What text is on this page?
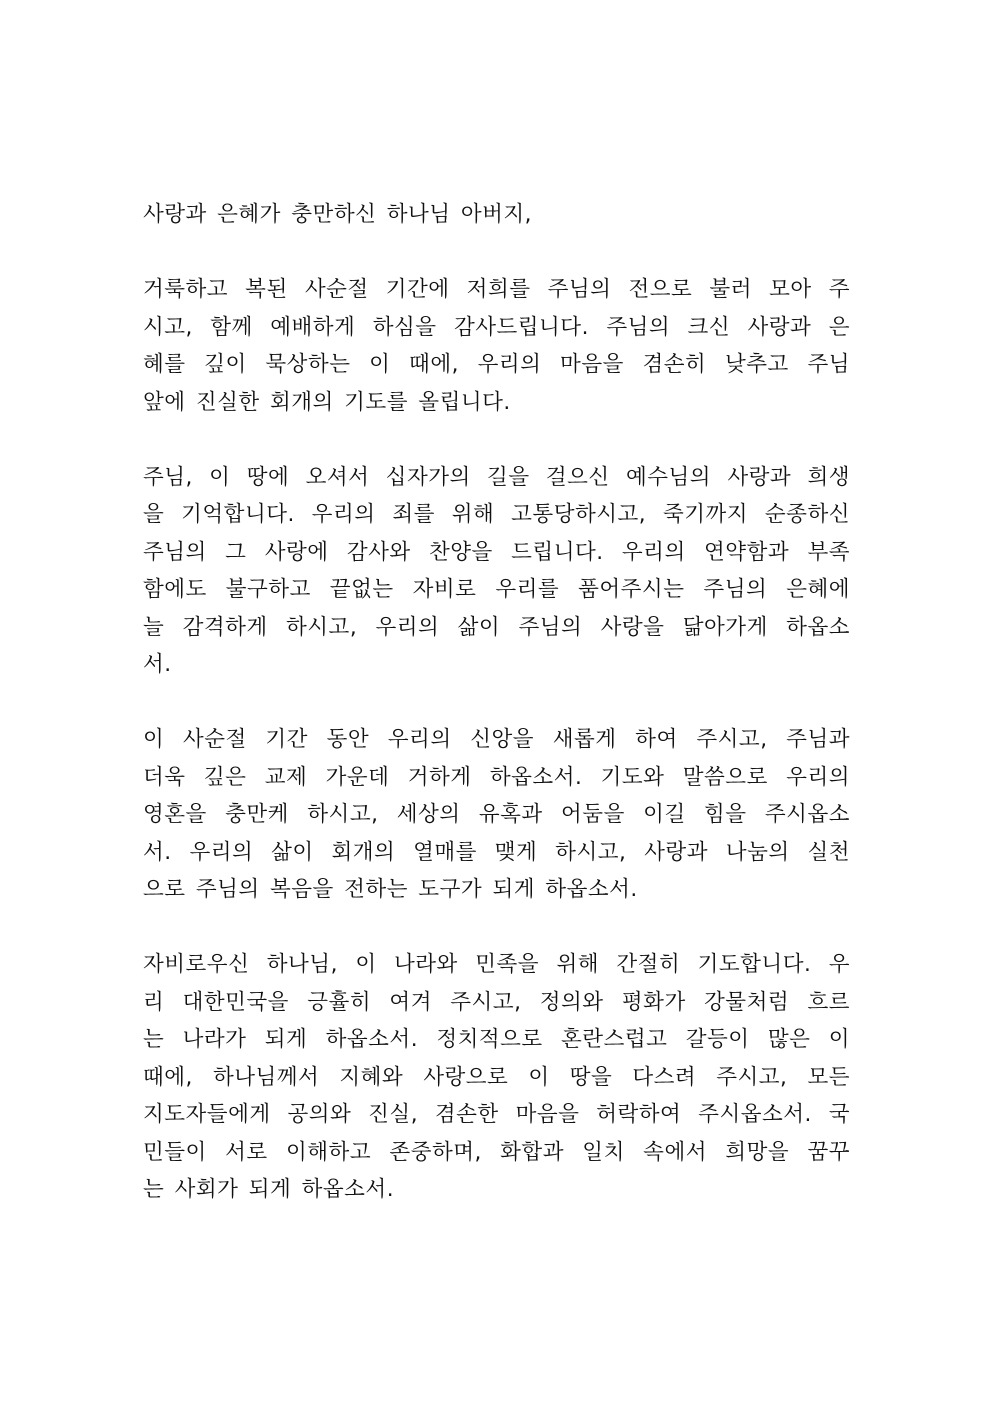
사랑과 은혜가 충만하신 하나님 아버지,
거룩하고 복된 사순절 기간에 저희를 주님의 전으로 불러 모아 주
시고, 함께 예배하게 하심을 감사드립니다. 주님의 크신 사랑과 은
혜를 깊이 묵상하는 이 때에, 우리의 마음을 겸손히 낮추고 주님
앞에 진실한 회개의 기도를 올립니다.
주님, 이 땅에 오셔서 십자가의 길을 걸으신 예수님의 사랑과 희생
을 기억합니다. 우리의 죄를 위해 고통당하시고, 죽기까지 순종하신
주님의 그 사랑에 감사와 찬양을 드립니다. 우리의 연약함과 부족
함에도 불구하고 끝없는 자비로 우리를 품어주시는 주님의 은혜에
늘 감격하게 하시고, 우리의 삶이 주님의 사랑을 닮아가게 하옵소
서.
이 사순절 기간 동안 우리의 신앙을 새롭게 하여 주시고, 주님과
더욱 깊은 교제 가운데 거하게 하옵소서. 기도와 말씀으로 우리의
영혼을 충만케 하시고, 세상의 유혹과 어둠을 이길 힘을 주시옵소
서. 우리의 삶이 회개의 열매를 맺게 하시고, 사랑과 나눔의 실천
으로 주님의 복음을 전하는 도구가 되게 하옵소서.
자비로우신 하나님, 이 나라와 민족을 위해 간절히 기도합니다. 우
리 대한민국을 긍휼히 여겨 주시고, 정의와 평화가 강물처럼 흐르
는 나라가 되게 하옵소서. 정치적으로 혼란스럽고 갈등이 많은 이
때에, 하나님께서 지혜와 사랑으로 이 땅을 다스려 주시고, 모든
지도자들에게 공의와 진실, 겸손한 마음을 허락하여 주시옵소서. 국
민들이 서로 이해하고 존중하며, 화합과 일치 속에서 희망을 꿈꾸
는 사회가 되게 하옵소서.
